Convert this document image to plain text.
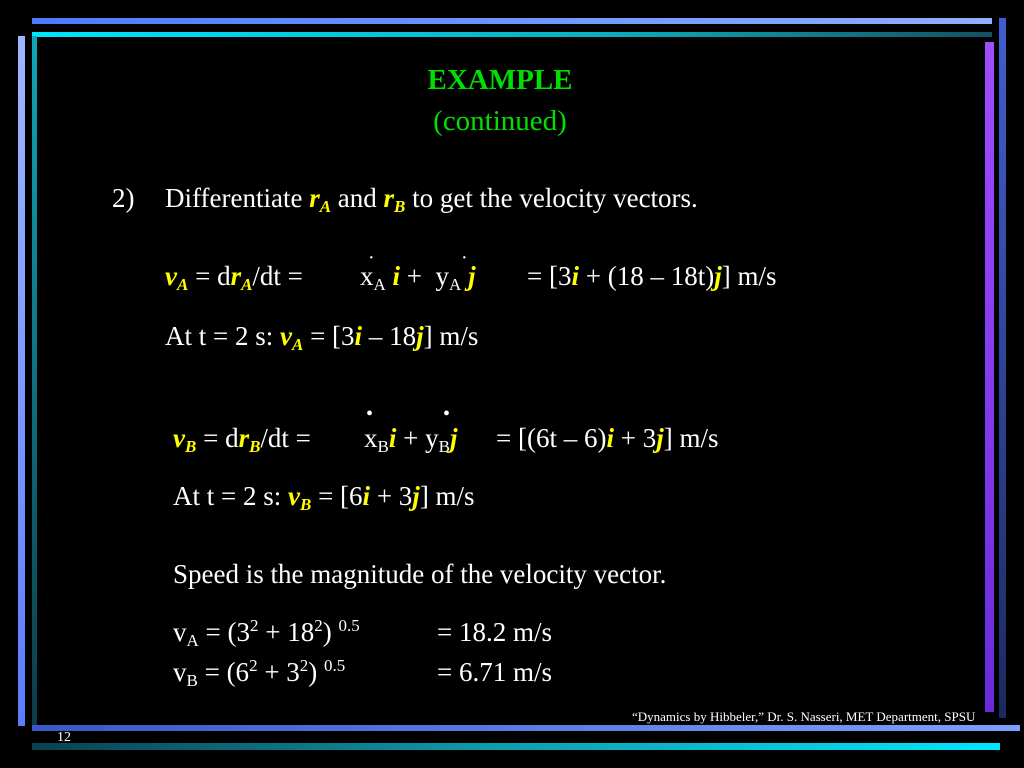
EXAMPLE
(continued)
2) Differentiate $r_A$ and $r_B$ to get the velocity vectors.
$v_A = dr_A/dt$ =
·	·
$x_A$ $i + y_A$ j = [3i + (18 – 18t)j] m/s
At t = 2 s: $v_A = [3i - 18j]$ m/s
$v_B = dr_B/dt$ =
•	•
$x_Bi + y_Bj = [(6t - 6)i + 3j]$ m/s
At t = 2 s: $v_B = [6i + 3j]$ m/s
Speed is the magnitude of the velocity vector.
$v_A = (3^2 + 18^2)$ $^{0.5}$	= 18.2 m/s
$v_B = (6^2 + 3^2)$ $^{0.5}$	= 6.71 m/s
“Dynamics by Hibbeler,” Dr. S. Nasseri, MET Department, SPSU
12
